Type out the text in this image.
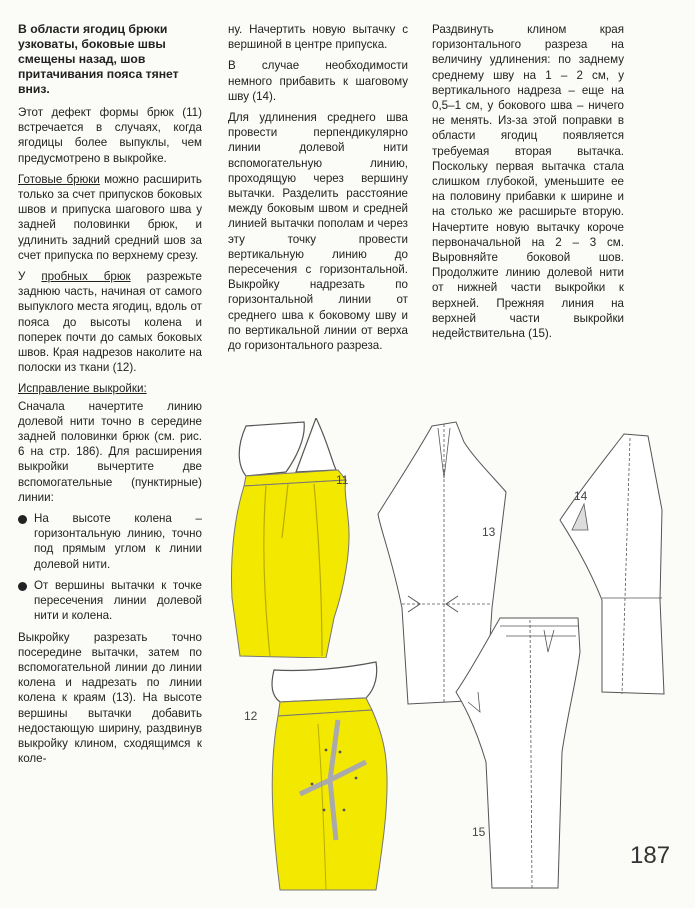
В области ягодиц брюки узковаты, боковые швы смещены назад, шов притачивания пояса тянет вниз.

Этот дефект формы брюк (11) встречается в случаях, когда ягодицы более выпуклы, чем предусмотрено в выкройке.

Готовые брюки можно расширить только за счет припусков боковых швов и припуска шагового шва у задней половинки брюк, и удлинить задний средний шов за счет припуска по верхнему срезу.

У пробных брюк разрежьте заднюю часть, начиная от самого выпуклого места ягодиц, вдоль от пояса до высоты колена и поперек почти до самых боковых швов. Края надрезов наколите на полоски из ткани (12).

Исправление выкройки:

Сначала начертите линию долевой нити точно в середине задней половинки брюк (см. рис. 6 на стр. 186). Для расширения выкройки вычертите две вспомогательные (пунктирные) линии:

На высоте колена – горизонтальную линию, точно под прямым углом к линии долевой нити.
От вершины вытачки к точке пересечения линии долевой нити и колена.

Выкройку разрезать точно посередине вытачки, затем по вспомогательной линии до линии колена и надрезать по линии колена к краям (13). На высоте вершины вытачки добавить недостающую ширину, раздвинув выкройку клином, сходящимся к коле-

ну. Начертить новую вытачку с вершиной в центре припуска.

В случае необходимости немного прибавить к шаговому шву (14).

Для удлинения среднего шва провести перпендикулярно линии долевой нити вспомогательную линию, проходящую через вершину вытачки. Разделить расстояние между боковым швом и средней линией вытачки пополам и через эту точку провести вертикальную линию до пересечения с горизонтальной. Выкройку надрезать по горизонтальной линии от среднего шва к боковому шву и по вертикальной линии от верха до горизонтального разреза.

Раздвинуть клином края горизонтального разреза на величину удлинения: по заднему среднему шву на 1 – 2 см, у вертикального надреза – еще на 0,5–1 см, у бокового шва – ничего не менять. Из-за этой поправки в области ягодиц появляется требуемая вторая вытачка. Поскольку первая вытачка стала слишком глубокой, уменьшите ее на половину прибавки к ширине и на столько же расширьте вторую. Начертите новую вытачку короче первоначальной на 2 – 3 см. Выровняйте боковой шов. Продолжите линию долевой нити от нижней части выкройки к верхней. Прежняя линия на верхней части выкройки недействительна (15).

11
12
13
14
15
187
